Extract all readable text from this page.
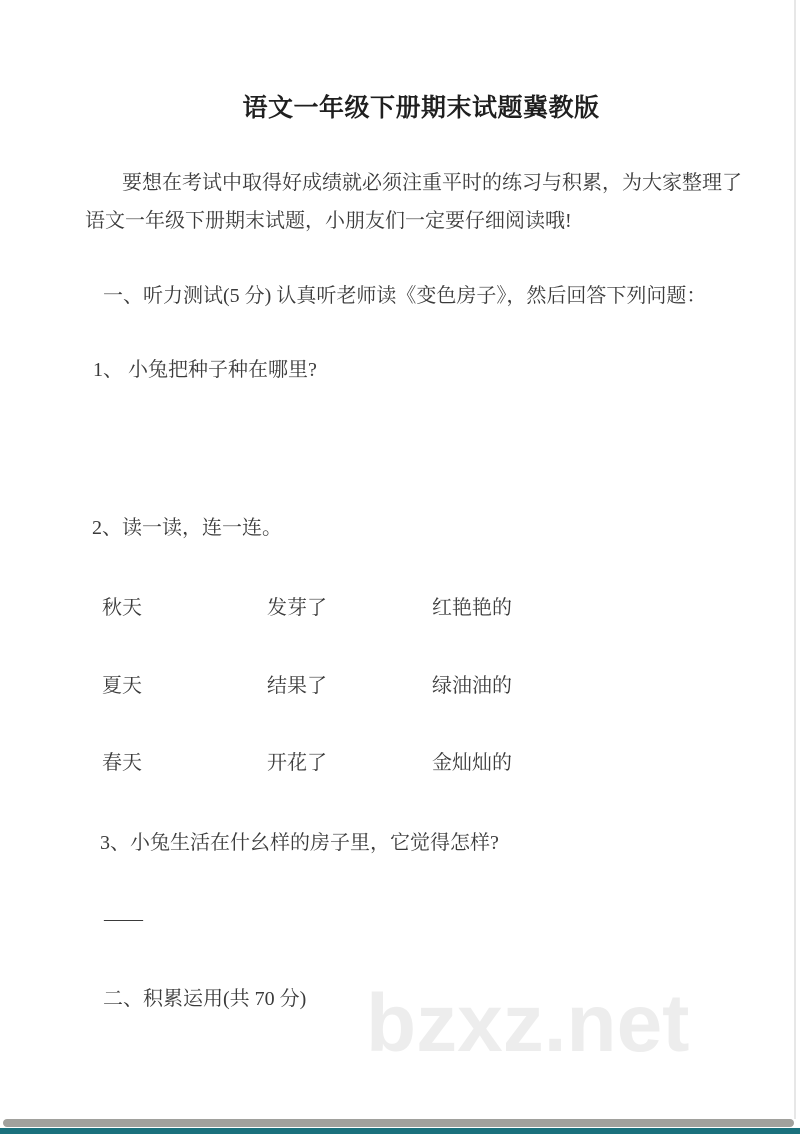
bzxz.net
语文一年级下册期末试题冀教版
要想在考试中取得好成绩就必须注重平时的练习与积累，为大家整理了
语文一年级下册期末试题，小朋友们一定要仔细阅读哦!
一、听力测试(5 分) 认真听老师读《变色房子》，然后回答下列问题：
1、 小兔把种子种在哪里?
2、读一读，连一连。
秋天	发芽了	红艳艳的
夏天	结果了	绿油油的
春天	开花了	金灿灿的
3、小兔生活在什幺样的房子里，它觉得怎样?
——
二、积累运用(共 70 分)
